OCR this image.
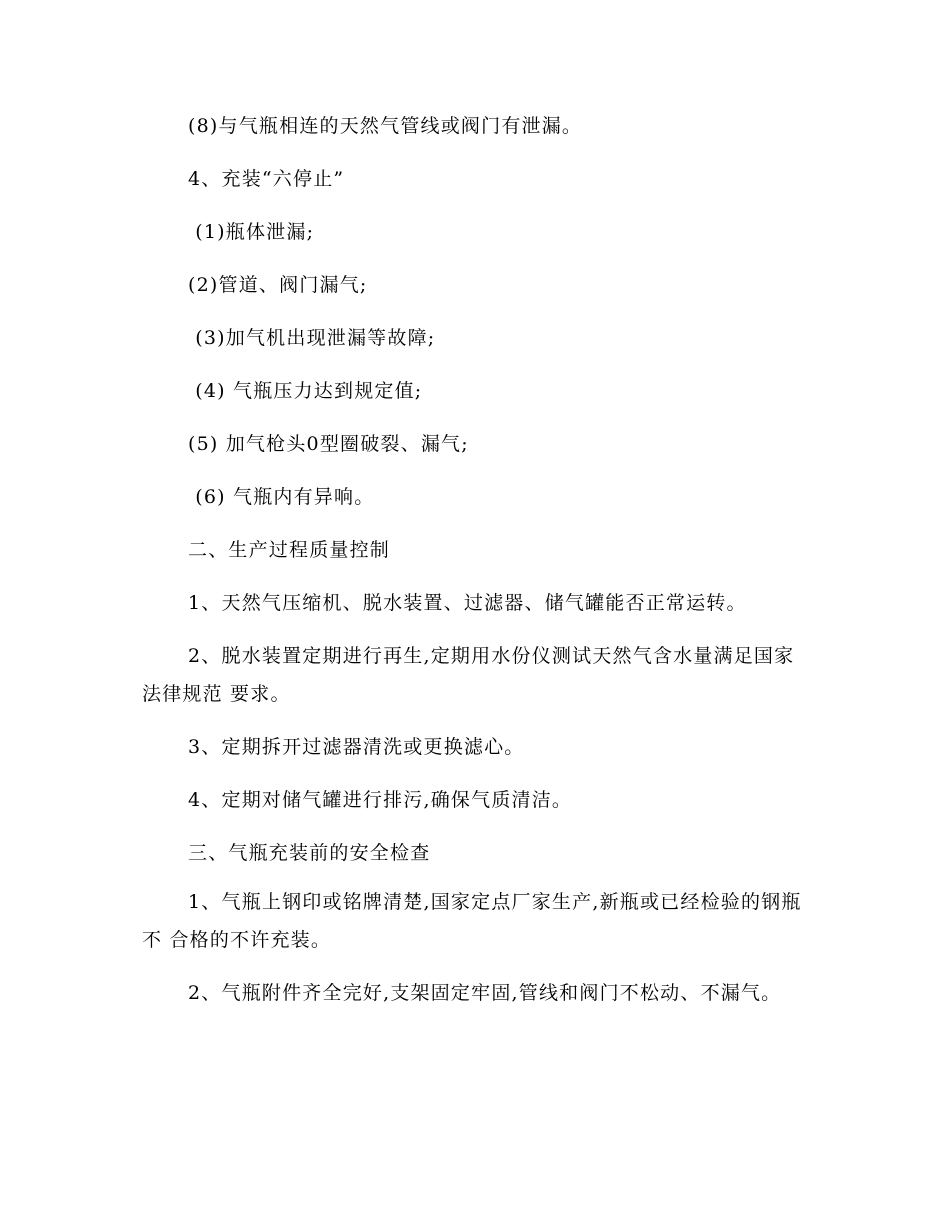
(8)与气瓶相连的天然气管线或阀门有泄漏。

4、充装“六停止”

(1)瓶体泄漏;

(2)管道、阀门漏气;

(3)加气机出现泄漏等故障;

(4) 气瓶压力达到规定值;

(5) 加气枪头0型圈破裂、漏气;

(6) 气瓶内有异响。

二、生产过程质量控制

1、天然气压缩机、脱水装置、过滤器、储气罐能否正常运转。

2、脱水装置定期进行再生,定期用水份仪测试天然气含水量满足国家法律规范 要求。

3、定期拆开过滤器清洗或更换滤心。

4、定期对储气罐进行排污,确保气质清洁。

三、气瓶充装前的安全检查

1、气瓶上钢印或铭牌清楚,国家定点厂家生产,新瓶或已经检验的钢瓶不 合格的不许充装。

2、气瓶附件齐全完好,支架固定牢固,管线和阀门不松动、不漏气。
